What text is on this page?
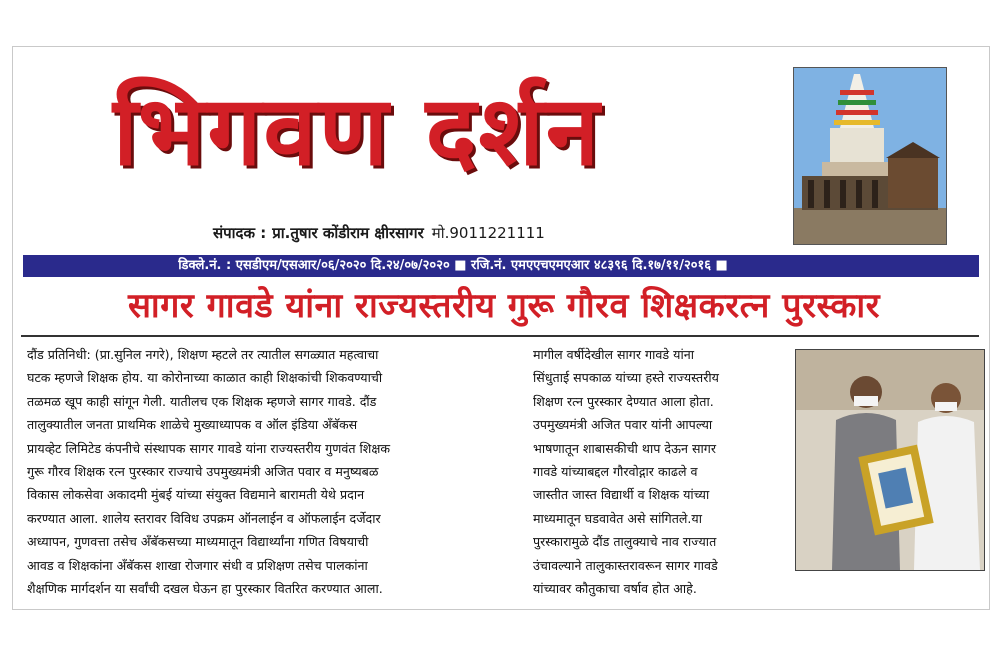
भिगवण दर्शन
संपादक : प्रा.तुषार कोंडीराम क्षीरसागर मो.9011221111
डिक्ले.नं. : एसडीएम/एसआर/०६/२०२० दि.२४/०७/२०२० ■ रजि.नं. एमएएचएमएआर ४८३९६ दि.१७/११/२०१६ ■
सागर गावडे यांना राज्यस्तरीय गुरू गौरव शिक्षकरत्न पुरस्कार
दौंड प्रतिनिधी: (प्रा.सुनिल नगरे), शिक्षण म्हटले तर त्यातील सगळ्यात महत्वाचा
घटक म्हणजे शिक्षक होय. या कोरोनाच्या काळात काही शिक्षकांची शिकवण्याची
तळमळ खूप काही सांगून गेली. यातीलच एक शिक्षक म्हणजे सागर गावडे. दौंड
तालुक्यातील जनता प्राथमिक शाळेचे मुख्याध्यापक व ऑल इंडिया अँबॅकस
प्रायव्हेट लिमिटेड कंपनीचे संस्थापक सागर गावडे यांना राज्यस्तरीय गुणवंत शिक्षक
गुरू गौरव शिक्षक रत्न पुरस्कार राज्याचे उपमुख्यमंत्री अजित पवार व मनुष्यबळ
विकास लोकसेवा अकादमी मुंबई यांच्या संयुक्त विद्यमाने बारामती येथे प्रदान
करण्यात आला. शालेय स्तरावर विविध उपक्रम ऑनलाईन व ऑफलाईन दर्जेदार
अध्यापन, गुणवत्ता तसेच अँबॅकसच्या माध्यमातून विद्यार्थ्यांना गणित विषयाची
आवड व शिक्षकांना अँबॅकस शाखा रोजगार संधी व प्रशिक्षण तसेच पालकांना
शैक्षणिक मार्गदर्शन या सर्वांची दखल घेऊन हा पुरस्कार वितरित करण्यात आला.
मागील वर्षीदेखील सागर गावडे यांना
सिंधुताई सपकाळ यांच्या हस्ते राज्यस्तरीय
शिक्षण रत्न पुरस्कार देण्यात आला होता.
उपमुख्यमंत्री अजित पवार यांनी आपल्या
भाषणातून शाबासकीची थाप देऊन सागर
गावडे यांच्याबद्दल गौरवोद्गार काढले व
जास्तीत जास्त विद्यार्थी व शिक्षक यांच्या
माध्यमातून घडवावेत असे सांगितले.या
पुरस्कारामुळे दौंड तालुक्याचे नाव राज्यात
उंचावल्याने तालुकास्तरावरून सागर गावडे
यांच्यावर कौतुकाचा वर्षाव होत आहे.
